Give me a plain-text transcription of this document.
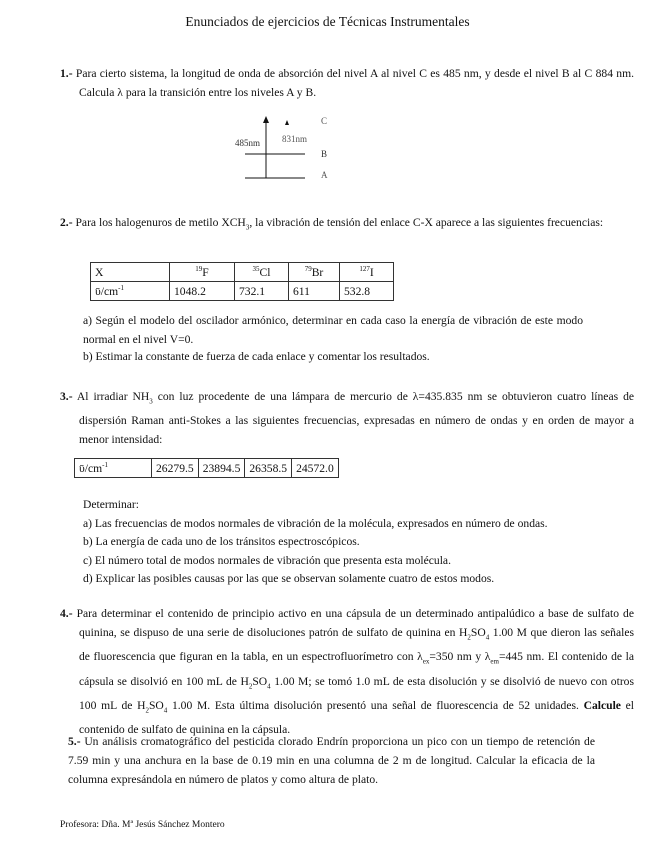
Enunciados de ejercicios de Técnicas Instrumentales
1.- Para cierto sistema, la longitud de onda de absorción del nivel A al nivel C es 485 nm, y desde el nivel B al C 884 nm. Calcula λ para la transición entre los niveles A y B.
485nm 831nm
C
B
A
2.- Para los halogenuros de metilo $XCH_3$, la vibración de tensión del enlace C-X aparece a las siguientes frecuencias:
X	$^{19}$F	$^{35}$Cl	$^{79}$Br	$^{127}$I
$ῡ/cm^{-1}$	1048.2	732.1	611	532.8
a) Según el modelo del oscilador armónico, determinar en cada caso la energía de vibración de este modo normal en el nivel V=0.
b) Estimar la constante de fuerza de cada enlace y comentar los resultados.
3.- Al irradiar $NH_3$ con luz procedente de una lámpara de mercurio de λ=435.835 nm se obtuvieron cuatro líneas de dispersión Raman anti-Stokes a las siguientes frecuencias, expresadas en número de ondas y en orden de mayor a menor intensidad:
$ῡ/cm^{-1}$	26279.5	23894.5	26358.5	24572.0
Determinar:
a) Las frecuencias de modos normales de vibración de la molécula, expresados en número de ondas.
b) La energía de cada uno de los tránsitos espectroscópicos.
c) El número total de modos normales de vibración que presenta esta molécula.
d) Explicar las posibles causas por las que se observan solamente cuatro de estos modos.
4.- Para determinar el contenido de principio activo en una cápsula de un determinado antipalúdico a base de sulfato de quinina, se dispuso de una serie de disoluciones patrón de sulfato de quinina en $H_2SO_4$ 1.00 M que dieron las señales de fluorescencia que figuran en la tabla, en un espectrofluorímetro con $\lambda_{ex}=350$ nm y $\lambda_{em}=445$ nm. El contenido de la cápsula se disolvió en 100 mL de $H_2SO_4$ 1.00 M; se tomó 1.0 mL de esta disolución y se disolvió de nuevo con otros 100 mL de $H_2SO_4$ 1.00 M. Esta última disolución presentó una señal de fluorescencia de 52 unidades. Calcule el contenido de sulfato de quinina en la cápsula.
5.- Un análisis cromatográfico del pesticida clorado Endrín proporciona un pico con un tiempo de retención de 7.59 min y una anchura en la base de 0.19 min en una columna de 2 m de longitud. Calcular la eficacia de la columna expresándola en número de platos y como altura de plato.
Profesora: Dña. Mª Jesús Sánchez Montero
